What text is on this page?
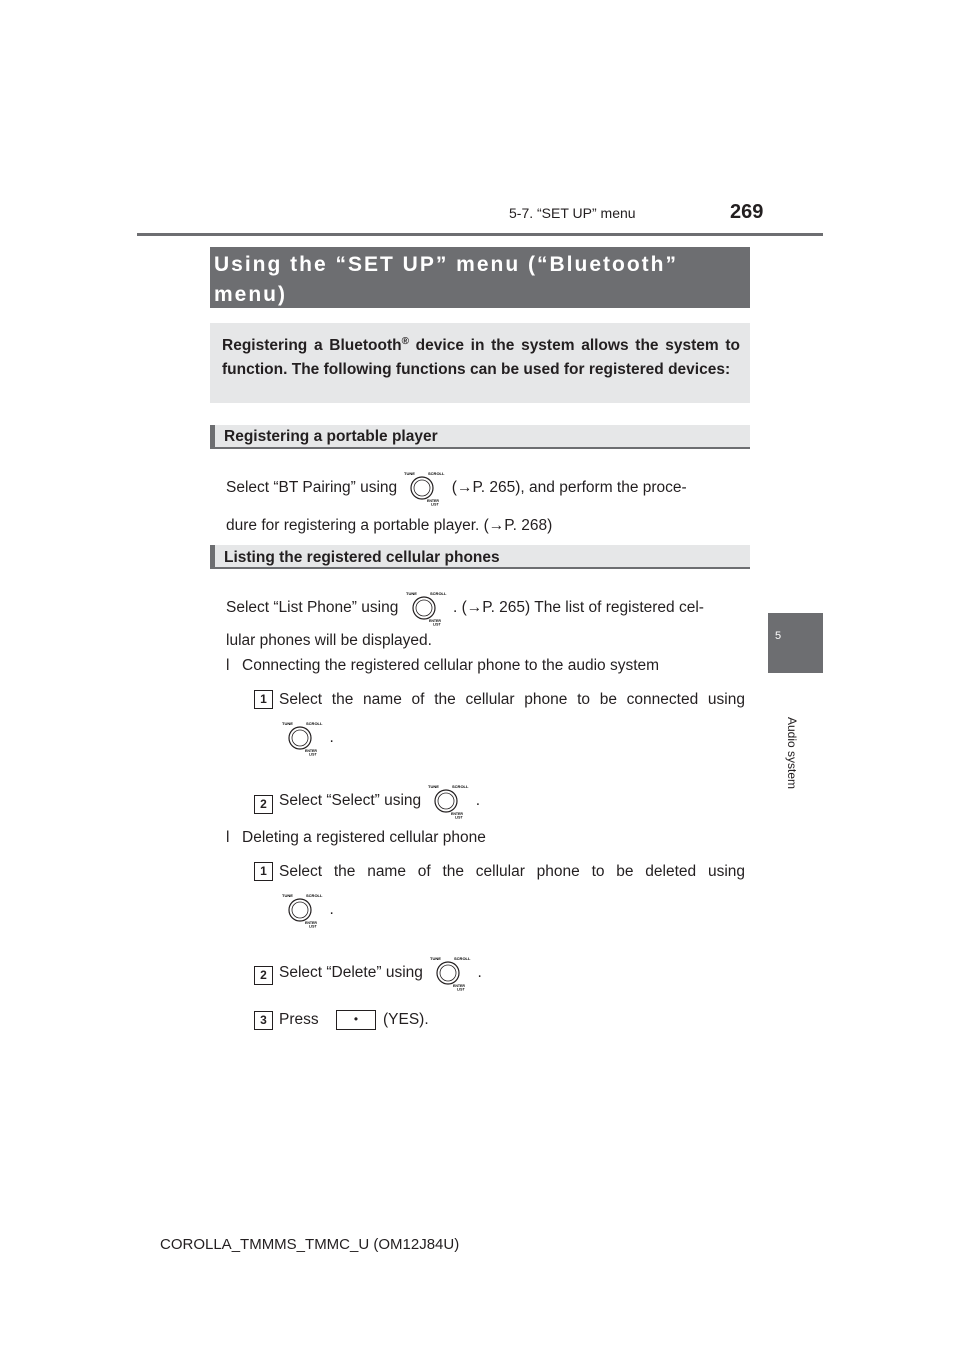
5-7. “SET UP” menu	269
5
Audio system
Using the “SET UP” menu (“Bluetooth”
menu)
Registering a Bluetooth® device in the system allows the system to function. The following functions can be used for registered devices:
Registering a portable player
Select “BT Pairing” using
TUNE	SCROLL
ENTER
LIST
(→P. 265), and perform the proce-
dure for registering a portable player. (→P. 268)
Listing the registered cellular phones
Select “List Phone” using
TUNE	SCROLL
ENTER
LIST
. (→P. 265) The list of registered cel-
lular phones will be displayed.
l Connecting the registered cellular phone to the audio system
1 Select the name of the cellular phone to be connected using
TUNE	SCROLL
ENTER
LIST
.
2 Select “Select” using
TUNE	SCROLL
ENTER
LIST
.
l Deleting a registered cellular phone
1 Select the name of the cellular phone to be deleted using
TUNE	SCROLL
ENTER
LIST
.
2 Select “Delete” using
TUNE	SCROLL
ENTER
LIST
.
3 Press	•	(YES).
COROLLA_TMMMS_TMMC_U (OM12J84U)
